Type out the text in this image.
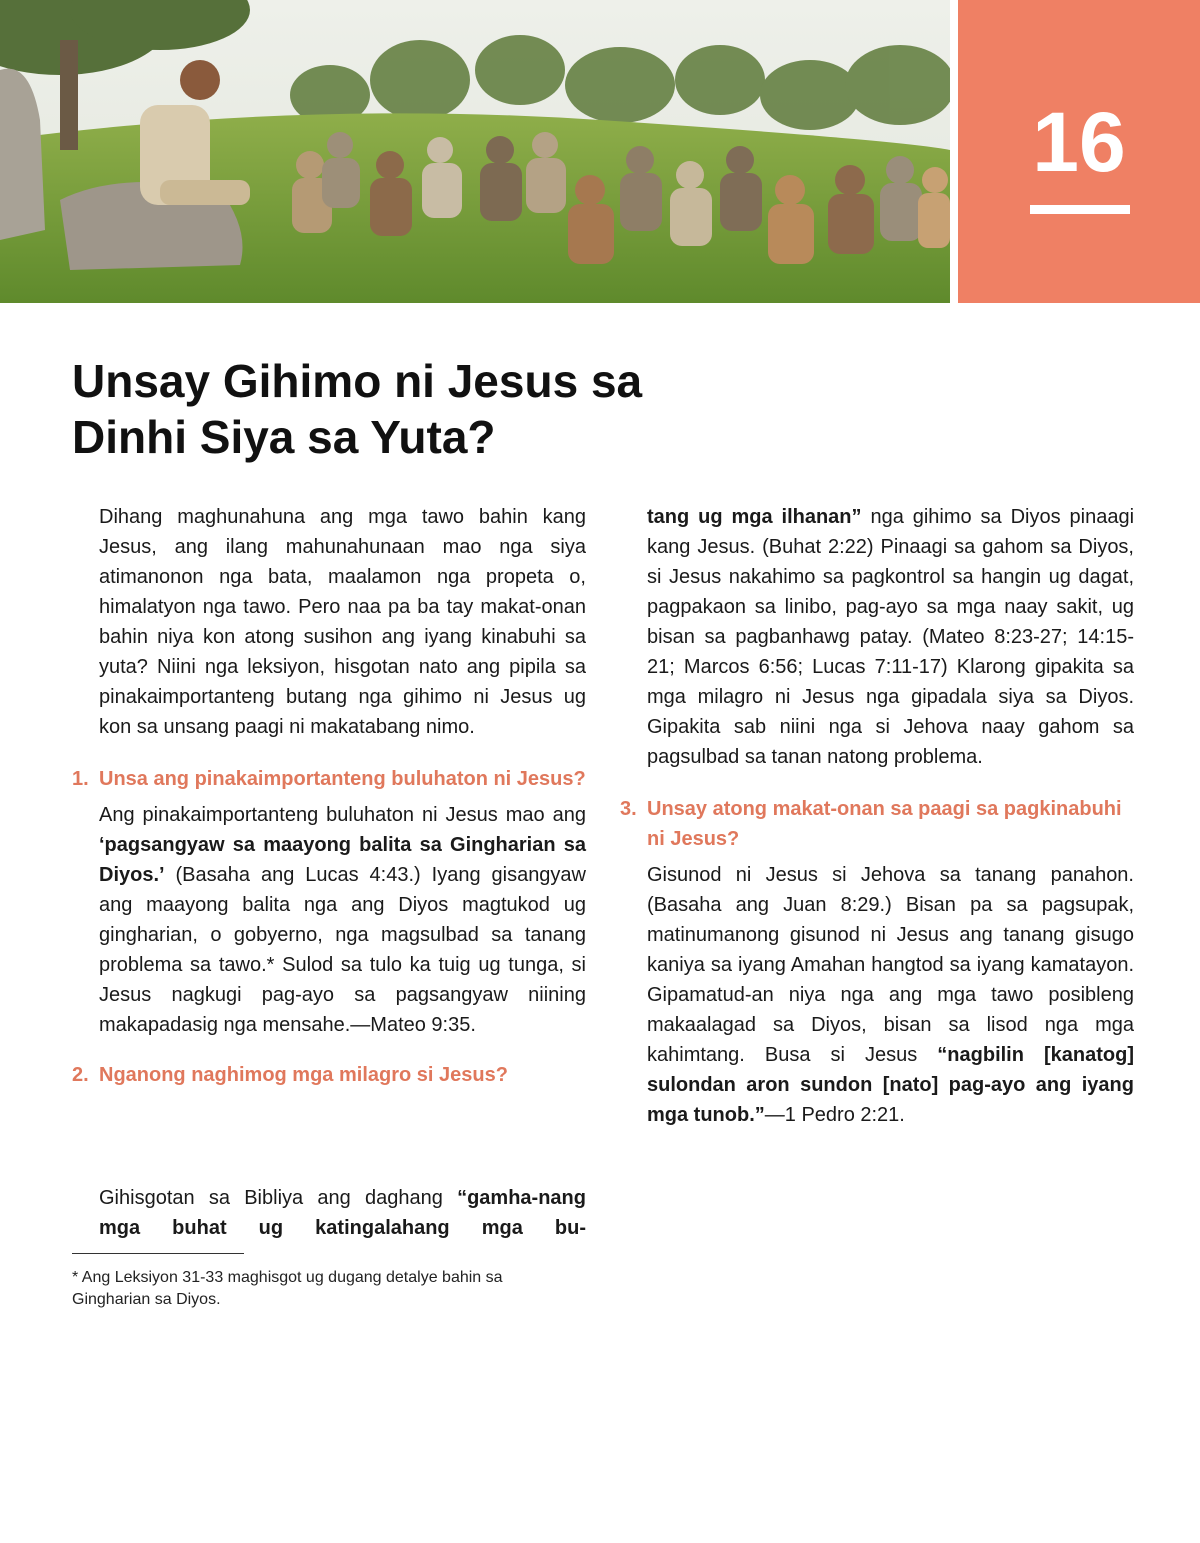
16
Unsay Gihimo ni Jesus sa
Dinhi Siya sa Yuta?

Dihang maghunahuna ang mga tawo bahin kang Jesus, ang ilang mahunahunaan mao nga siya atimanonon nga bata, maalamon nga propeta o, himalatyon nga tawo. Pero naa pa ba tay makat-onan bahin niya kon atong susihon ang iyang kinabuhi sa yuta? Niini nga leksiyon, hisgotan nato ang pipila sa pinakaimportanteng butang nga gihimo ni Jesus ug kon sa unsang paagi ni makatabang nimo.

1. Unsa ang pinakaimportanteng buluhaton ni Jesus?

Ang pinakaimportanteng buluhaton ni Jesus mao ang ‘pagsangyaw sa maayong balita sa Gingharian sa Diyos.’ (Basaha ang Lucas 4:43.) Iyang gisangyaw ang maayong balita nga ang Diyos magtukod ug gingharian, o gobyerno, nga magsulbad sa tanang problema sa tawo.* Sulod sa tulo ka tuig ug tunga, si Jesus nagkugi pag-ayo sa pagsangyaw niining makapadasig nga mensahe.—Mateo 9:35.

2. Nganong naghimog mga milagro si Jesus?

Gihisgotan sa Bibliya ang daghang “gamha-nang mga buhat ug katingalahang mga bu-

tang ug mga ilhanan” nga gihimo sa Diyos pinaagi kang Jesus. (Buhat 2:22) Pinaagi sa gahom sa Diyos, si Jesus nakahimo sa pagkontrol sa hangin ug dagat, pagpakaon sa linibo, pag-ayo sa mga naay sakit, ug bisan sa pagbanhawg patay. (Mateo 8:23-27; 14:15-21; Marcos 6:56; Lucas 7:11-17) Klarong gipakita sa mga milagro ni Jesus nga gipadala siya sa Diyos. Gipakita sab niini nga si Jehova naay gahom sa pagsulbad sa tanan natong problema.

3. Unsay atong makat-onan sa paagi sa pagkinabuhi ni Jesus?

Gisunod ni Jesus si Jehova sa tanang panahon. (Basaha ang Juan 8:29.) Bisan pa sa pagsupak, matinumanong gisunod ni Jesus ang tanang gisugo kaniya sa iyang Amahan hangtod sa iyang kamatayon. Gipamatud-an niya nga ang mga tawo posibleng makaalagad sa Diyos, bisan sa lisod nga mga kahimtang. Busa si Jesus “nagbilin [kanatog] sulondan aron sundon [nato] pag-ayo ang iyang mga tunob.”—1 Pedro 2:21.

* Ang Leksiyon 31-33 maghisgot ug dugang detalye bahin sa Gingharian sa Diyos.
